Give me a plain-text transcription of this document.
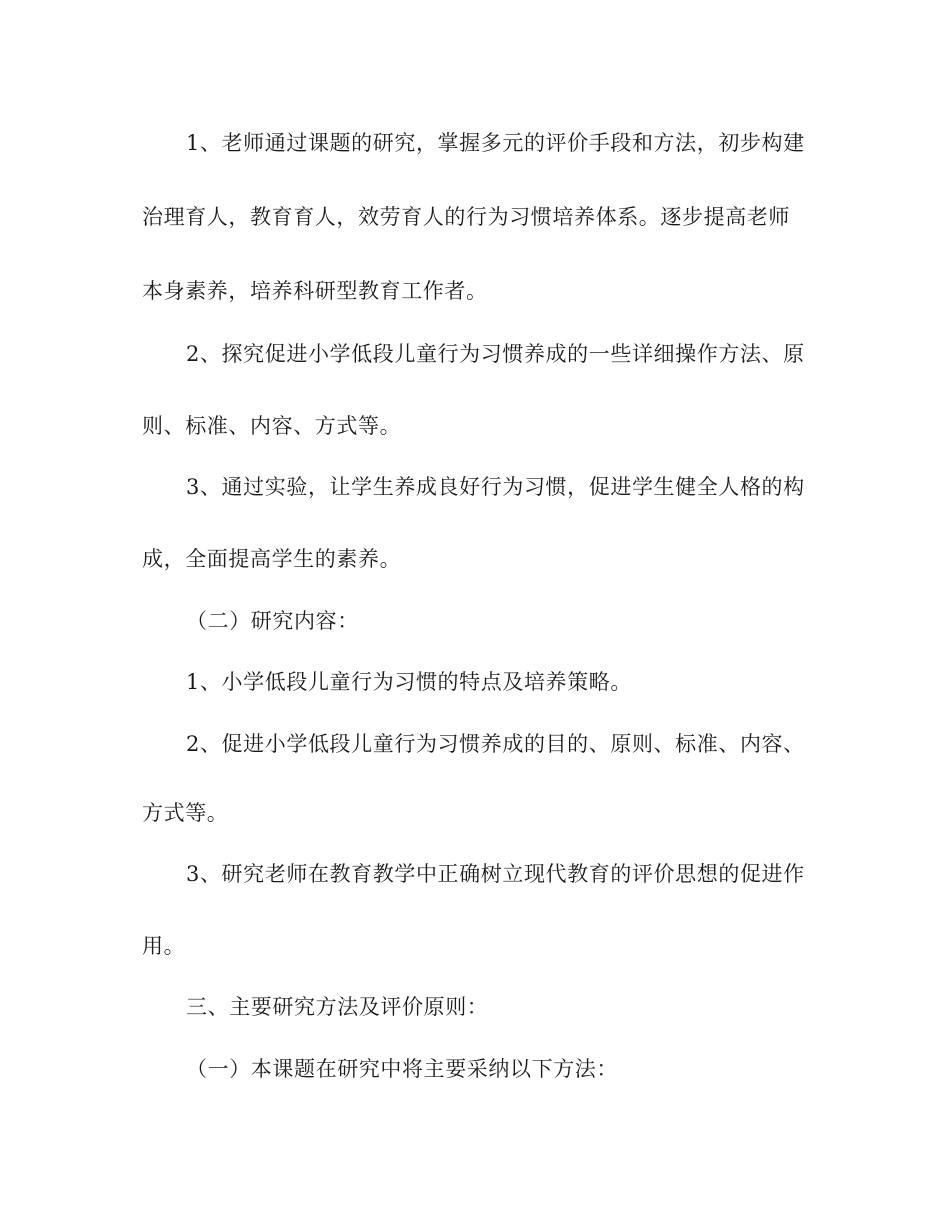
1、老师通过课题的研究，掌握多元的评价手段和方法，初步构建
治理育人，教育育人，效劳育人的行为习惯培养体系。逐步提高老师
本身素养，培养科研型教育工作者。
2、探究促进小学低段儿童行为习惯养成的一些详细操作方法、原
则、标准、内容、方式等。
3、通过实验，让学生养成良好行为习惯，促进学生健全人格的构
成，全面提高学生的素养。
（二）研究内容：
1、小学低段儿童行为习惯的特点及培养策略。
2、促进小学低段儿童行为习惯养成的目的、原则、标准、内容、
方式等。
3、研究老师在教育教学中正确树立现代教育的评价思想的促进作
用。
三、主要研究方法及评价原则：
（一）本课题在研究中将主要采纳以下方法：
